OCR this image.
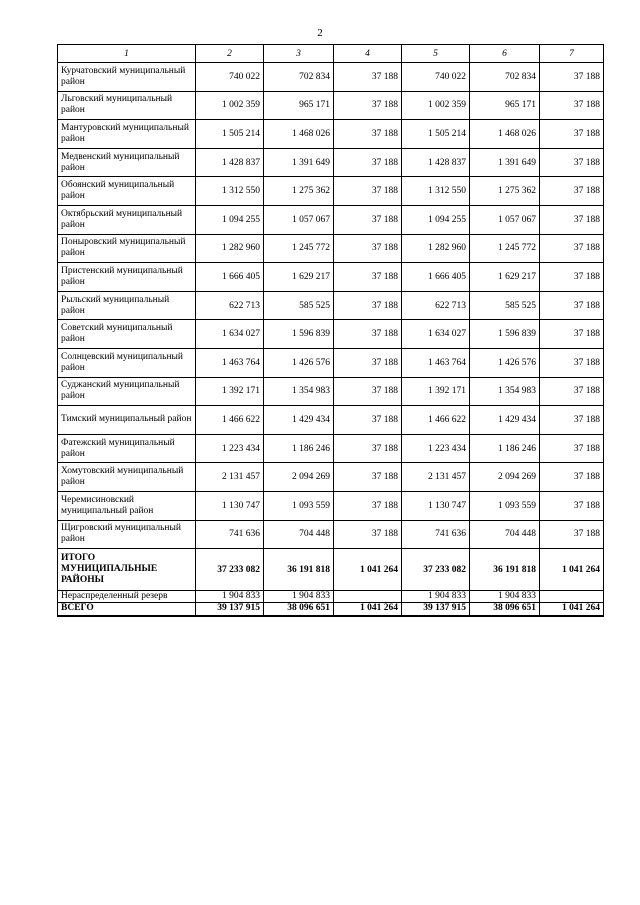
2
1	2	3	4	5	6	7
Курчатовский муниципальный район	740 022	702 834	37 188	740 022	702 834	37 188
Льговский муниципальный район	1 002 359	965 171	37 188	1 002 359	965 171	37 188
Мантуровский муниципальный район	1 505 214	1 468 026	37 188	1 505 214	1 468 026	37 188
Медвенский муниципальный район	1 428 837	1 391 649	37 188	1 428 837	1 391 649	37 188
Обоянский муниципальный район	1 312 550	1 275 362	37 188	1 312 550	1 275 362	37 188
Октябрьский муниципальный район	1 094 255	1 057 067	37 188	1 094 255	1 057 067	37 188
Поныровский муниципальный район	1 282 960	1 245 772	37 188	1 282 960	1 245 772	37 188
Пристенский муниципальный район	1 666 405	1 629 217	37 188	1 666 405	1 629 217	37 188
Рыльский муниципальный район	622 713	585 525	37 188	622 713	585 525	37 188
Советский муниципальный район	1 634 027	1 596 839	37 188	1 634 027	1 596 839	37 188
Солнцевский муниципальный район	1 463 764	1 426 576	37 188	1 463 764	1 426 576	37 188
Суджанский муниципальный район	1 392 171	1 354 983	37 188	1 392 171	1 354 983	37 188
Тимский муниципальный район	1 466 622	1 429 434	37 188	1 466 622	1 429 434	37 188
Фатежский муниципальный район	1 223 434	1 186 246	37 188	1 223 434	1 186 246	37 188
Хомутовский муниципальный район	2 131 457	2 094 269	37 188	2 131 457	2 094 269	37 188
Черемисиновский муниципальный район	1 130 747	1 093 559	37 188	1 130 747	1 093 559	37 188
Щигровский муниципальный район	741 636	704 448	37 188	741 636	704 448	37 188
ИТОГО МУНИЦИПАЛЬНЫЕ РАЙОНЫ	37 233 082	36 191 818	1 041 264	37 233 082	36 191 818	1 041 264
Нераспределенный резерв	1 904 833	1 904 833		1 904 833	1 904 833	
ВСЕГО	39 137 915	38 096 651	1 041 264	39 137 915	38 096 651	1 041 264
